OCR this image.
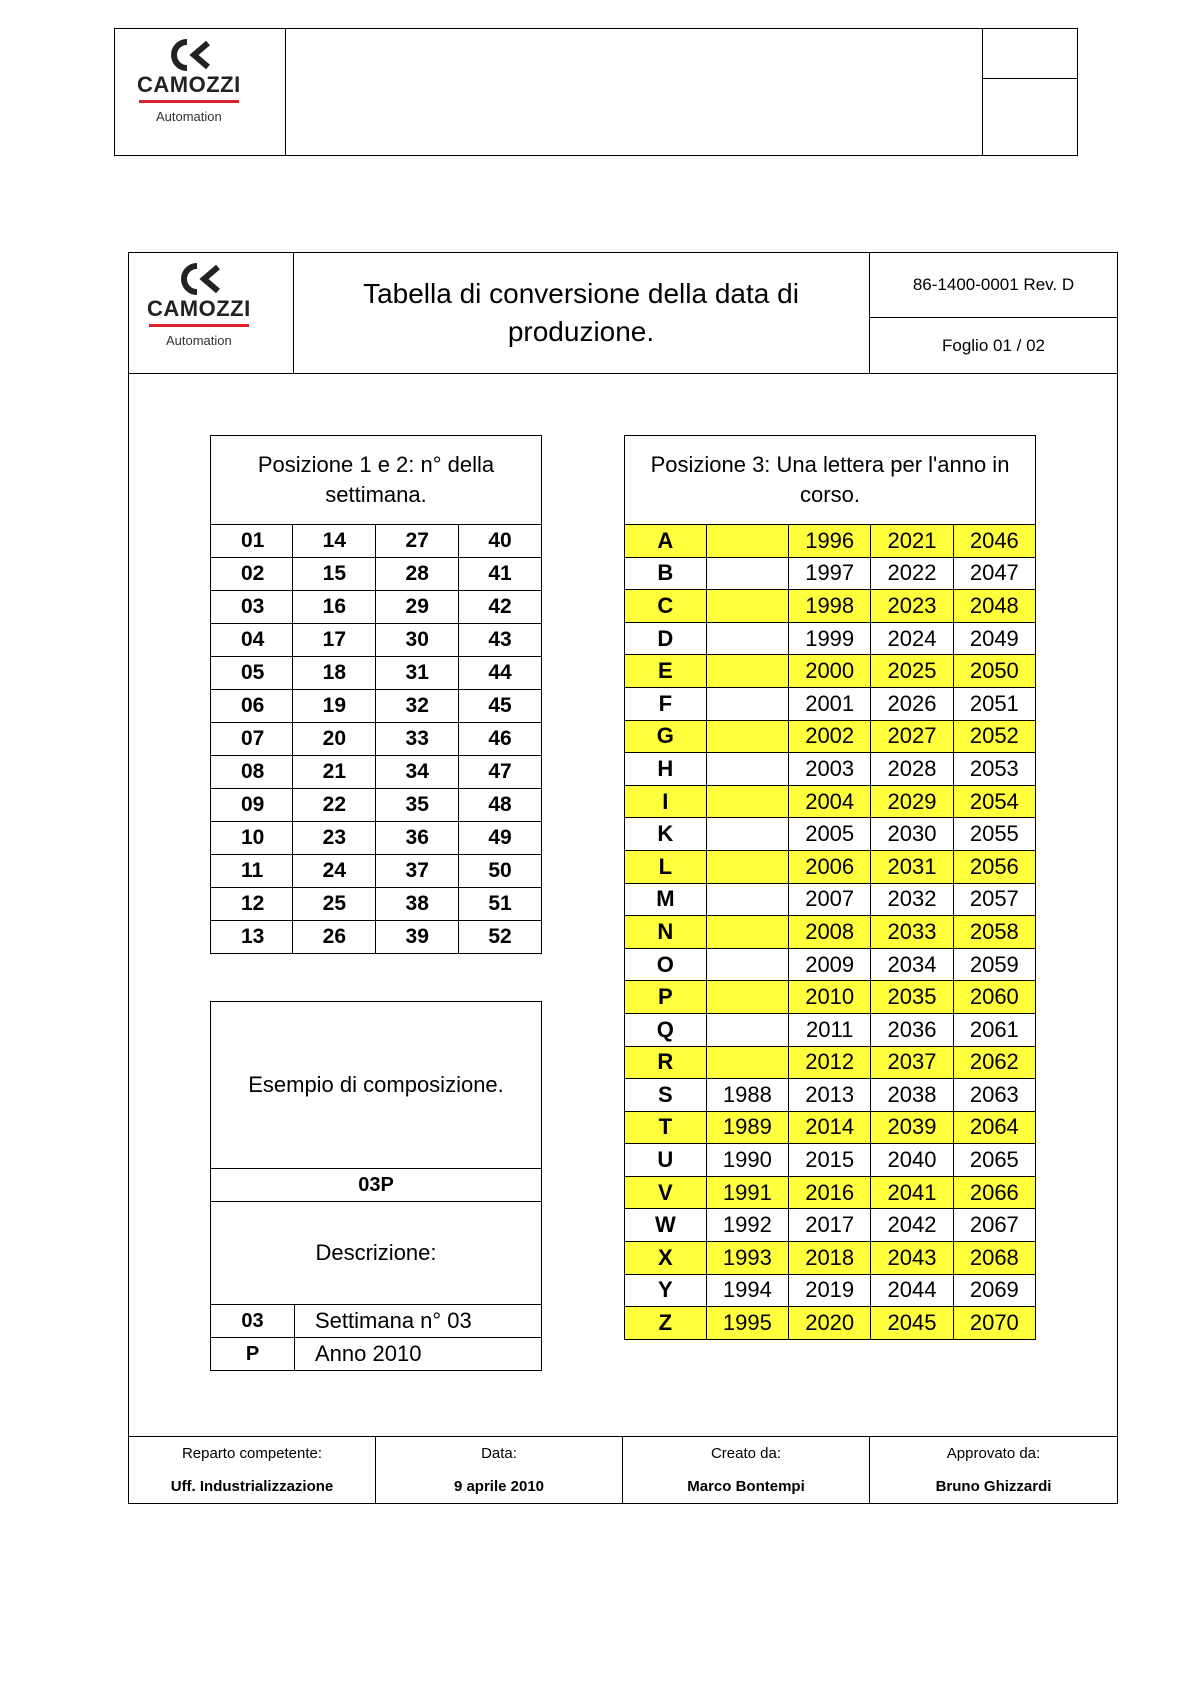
CAMOZZI
Automation
CAMOZZI
Automation
Tabella di conversione della data di produzione.
86-1400-0001 Rev. D
Foglio 01 / 02
Posizione 1 e 2: n° della settimana.			
01	14	27	40
02	15	28	41
03	16	29	42
04	17	30	43
05	18	31	44
06	19	32	45
07	20	33	46
08	21	34	47
09	22	35	48
10	23	36	49
11	24	37	50
12	25	38	51
13	26	39	52
Esempio di composizione.	
03P	
Descrizione:	
03	Settimana n° 03
P	Anno 2010
Posizione 3: Una lettera per l'anno in corso.				
A		1996	2021	2046
B		1997	2022	2047
C		1998	2023	2048
D		1999	2024	2049
E		2000	2025	2050
F		2001	2026	2051
G		2002	2027	2052
H		2003	2028	2053
I		2004	2029	2054
K		2005	2030	2055
L		2006	2031	2056
M		2007	2032	2057
N		2008	2033	2058
O		2009	2034	2059
P		2010	2035	2060
Q		2011	2036	2061
R		2012	2037	2062
S	1988	2013	2038	2063
T	1989	2014	2039	2064
U	1990	2015	2040	2065
V	1991	2016	2041	2066
W	1992	2017	2042	2067
X	1993	2018	2043	2068
Y	1994	2019	2044	2069
Z	1995	2020	2045	2070
Reparto competente:
Uff. Industrializzazione
Data:
9 aprile 2010
Creato da:
Marco Bontempi
Approvato da:
Bruno Ghizzardi
